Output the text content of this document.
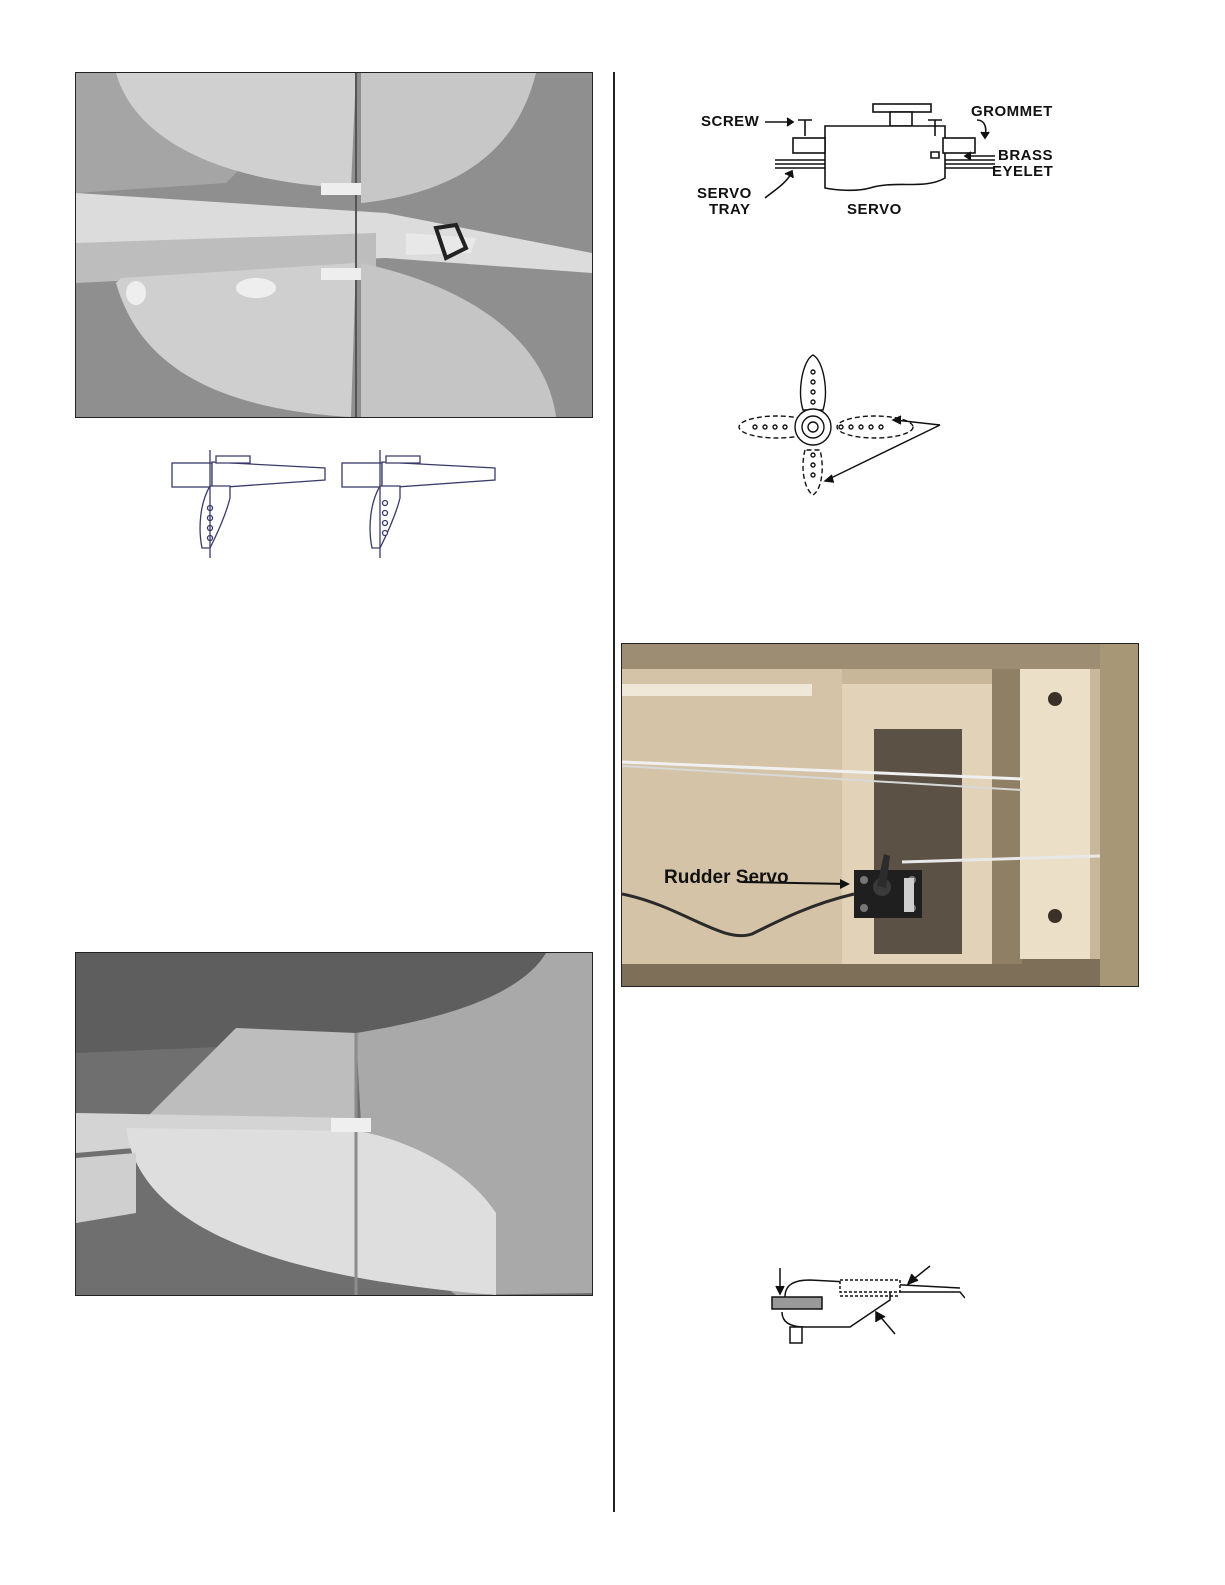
SCREW
GROMMET
BRASS
EYELET
SERVO
TRAY	SERVO
Rudder Servo
